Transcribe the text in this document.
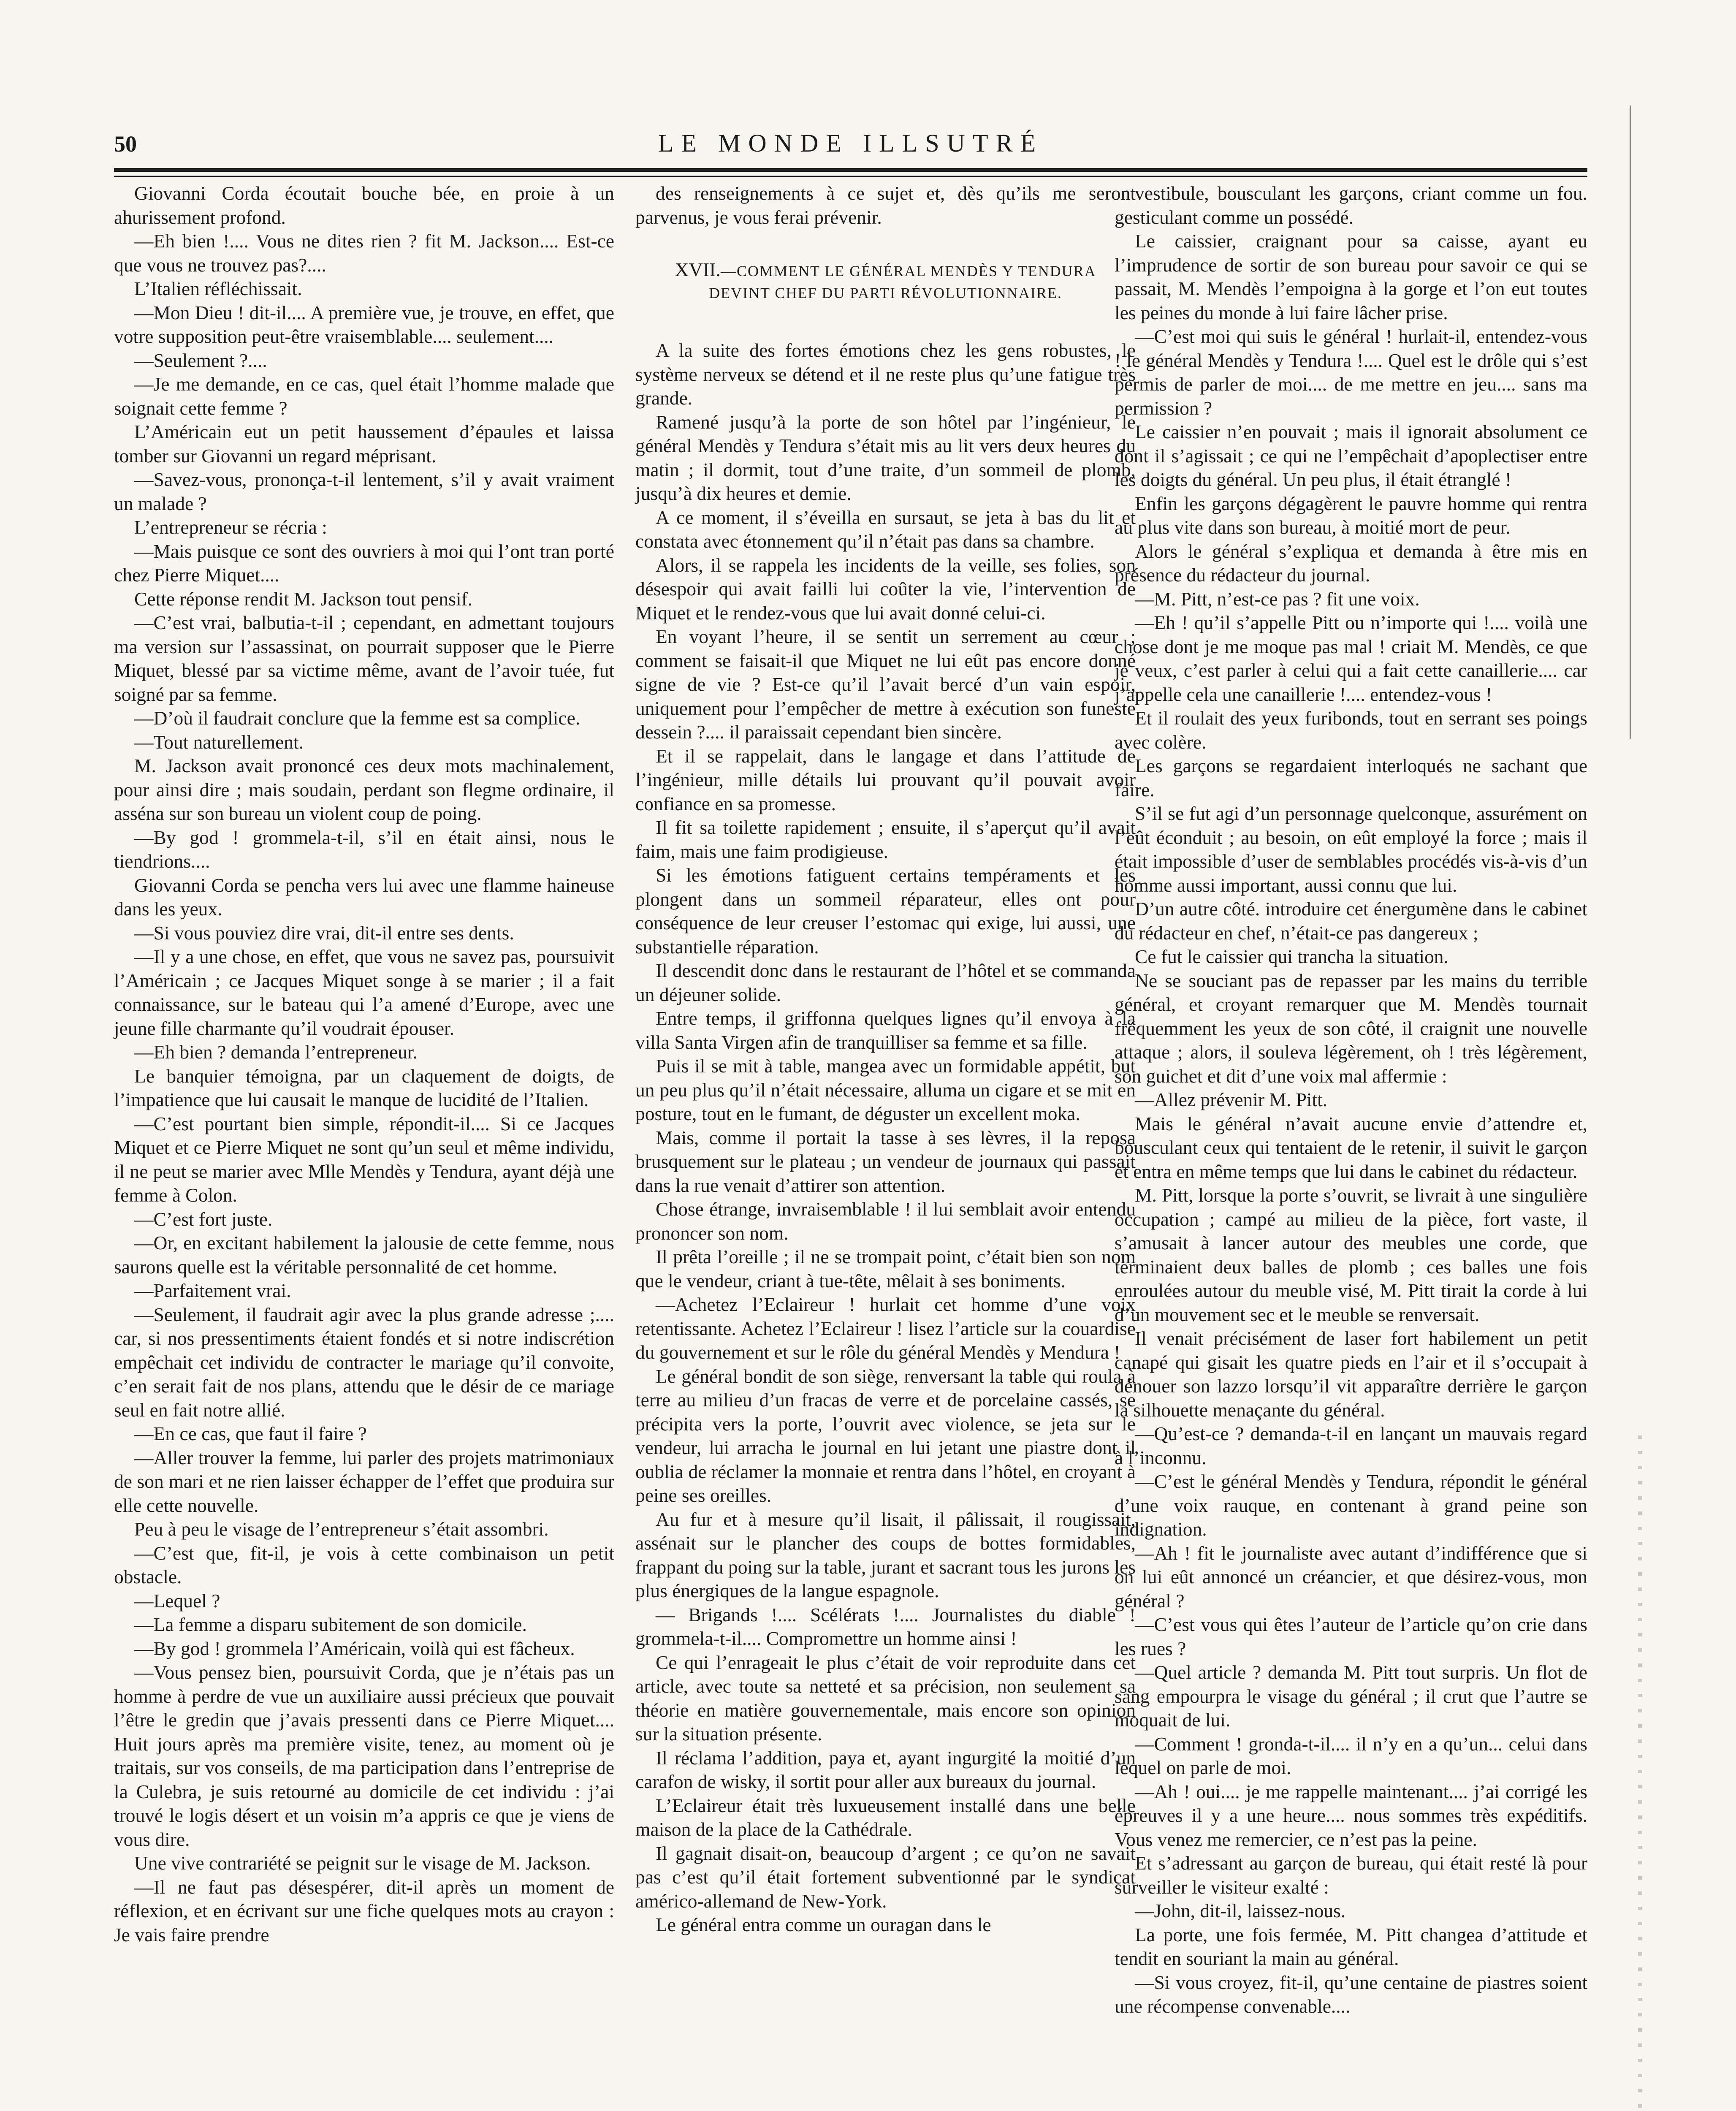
50	LE MONDE ILLSUTRÉ

Giovanni Corda écoutait bouche bée, en proie à un ahurissement profond.

—Eh bien !.... Vous ne dites rien ? fit M. Jackson.... Est-ce que vous ne trouvez pas?....

L’Italien réfléchissait.

—Mon Dieu ! dit-il.... A première vue, je trouve, en effet, que votre supposition peut-être vraisemblable.... seulement....

—Seulement ?....

—Je me demande, en ce cas, quel était l’homme malade que soignait cette femme ?

L’Américain eut un petit haussement d’épaules et laissa tomber sur Giovanni un regard méprisant.

—Savez-vous, prononça-t-il lentement, s’il y avait vraiment un malade ?

L’entrepreneur se récria :

—Mais puisque ce sont des ouvriers à moi qui l’ont tran porté chez Pierre Miquet....

Cette réponse rendit M. Jackson tout pensif.

—C’est vrai, balbutia-t-il ; cependant, en admettant toujours ma version sur l’assassinat, on pourrait supposer que le Pierre Miquet, blessé par sa victime même, avant de l’avoir tuée, fut soigné par sa femme.

—D’où il faudrait conclure que la femme est sa complice.

—Tout naturellement.

M. Jackson avait prononcé ces deux mots machinalement, pour ainsi dire ; mais soudain, perdant son flegme ordinaire, il asséna sur son bureau un violent coup de poing.

—By god ! grommela-t-il, s’il en était ainsi, nous le tiendrions....

Giovanni Corda se pencha vers lui avec une flamme haineuse dans les yeux.

—Si vous pouviez dire vrai, dit-il entre ses dents.

—Il y a une chose, en effet, que vous ne savez pas, poursuivit l’Américain ; ce Jacques Miquet songe à se marier ; il a fait connaissance, sur le bateau qui l’a amené d’Europe, avec une jeune fille charmante qu’il voudrait épouser.

—Eh bien ? demanda l’entrepreneur.

Le banquier témoigna, par un claquement de doigts, de l’impatience que lui causait le manque de lucidité de l’Italien.

—C’est pourtant bien simple, répondit-il.... Si ce Jacques Miquet et ce Pierre Miquet ne sont qu’un seul et même individu, il ne peut se marier avec Mlle Mendès y Tendura, ayant déjà une femme à Colon.

—C’est fort juste.

—Or, en excitant habilement la jalousie de cette femme, nous saurons quelle est la véritable personnalité de cet homme.

—Parfaitement vrai.

—Seulement, il faudrait agir avec la plus grande adresse ;.... car, si nos pressentiments étaient fondés et si notre indiscrétion empêchait cet individu de contracter le mariage qu’il convoite, c’en serait fait de nos plans, attendu que le désir de ce mariage seul en fait notre allié.

—En ce cas, que faut il faire ?

—Aller trouver la femme, lui parler des projets matrimoniaux de son mari et ne rien laisser échapper de l’effet que produira sur elle cette nouvelle.

Peu à peu le visage de l’entrepreneur s’était assombri.

—C’est que, fit-il, je vois à cette combinaison un petit obstacle.

—Lequel ?

—La femme a disparu subitement de son domicile.

—By god ! grommela l’Américain, voilà qui est fâcheux.

—Vous pensez bien, poursuivit Corda, que je n’étais pas un homme à perdre de vue un auxiliaire aussi précieux que pouvait l’être le gredin que j’avais pressenti dans ce Pierre Miquet.... Huit jours après ma première visite, tenez, au moment où je traitais, sur vos conseils, de ma participation dans l’entreprise de la Culebra, je suis retourné au domicile de cet individu : j’ai trouvé le logis désert et un voisin m’a appris ce que je viens de vous dire.

Une vive contrariété se peignit sur le visage de M. Jackson.

—Il ne faut pas désespérer, dit-il après un moment de réflexion, et en écrivant sur une fiche quelques mots au crayon : Je vais faire prendre

des renseignements à ce sujet et, dès qu’ils me seront parvenus, je vous ferai prévenir.

XVII.—COMMENT LE GÉNÉRAL MENDÈS Y TENDURA
DEVINT CHEF DU PARTI RÉVOLUTIONNAIRE.

A la suite des fortes émotions chez les gens robustes, le système nerveux se détend et il ne reste plus qu’une fatigue très grande.

Ramené jusqu’à la porte de son hôtel par l’ingénieur, le général Mendès y Tendura s’était mis au lit vers deux heures du matin ; il dormit, tout d’une traite, d’un sommeil de plomb, jusqu’à dix heures et demie.

A ce moment, il s’éveilla en sursaut, se jeta à bas du lit et constata avec étonnement qu’il n’était pas dans sa chambre.

Alors, il se rappela les incidents de la veille, ses folies, son désespoir qui avait failli lui coûter la vie, l’intervention de Miquet et le rendez-vous que lui avait donné celui-ci.

En voyant l’heure, il se sentit un serrement au cœur ; comment se faisait-il que Miquet ne lui eût pas encore donné signe de vie ? Est-ce qu’il l’avait bercé d’un vain espoir, uniquement pour l’empêcher de mettre à exécution son funeste dessein ?.... il paraissait cependant bien sincère.

Et il se rappelait, dans le langage et dans l’attitude de l’ingénieur, mille détails lui prouvant qu’il pouvait avoir confiance en sa promesse.

Il fit sa toilette rapidement ; ensuite, il s’aperçut qu’il avait faim, mais une faim prodigieuse.

Si les émotions fatiguent certains tempéraments et les plongent dans un sommeil réparateur, elles ont pour conséquence de leur creuser l’estomac qui exige, lui aussi, une substantielle réparation.

Il descendit donc dans le restaurant de l’hôtel et se commanda un déjeuner solide.

Entre temps, il griffonna quelques lignes qu’il envoya à la villa Santa Virgen afin de tranquilliser sa femme et sa fille.

Puis il se mit à table, mangea avec un formidable appétit, but un peu plus qu’il n’était nécessaire, alluma un cigare et se mit en posture, tout en le fumant, de déguster un excellent moka.

Mais, comme il portait la tasse à ses lèvres, il la reposa brusquement sur le plateau ; un vendeur de journaux qui passait dans la rue venait d’attirer son attention.

Chose étrange, invraisemblable ! il lui semblait avoir entendu prononcer son nom.

Il prêta l’oreille ; il ne se trompait point, c’était bien son nom que le vendeur, criant à tue-tête, mêlait à ses boniments.

—Achetez l’Eclaireur ! hurlait cet homme d’une voix retentissante. Achetez l’Eclaireur ! lisez l’article sur la couardise du gouvernement et sur le rôle du général Mendès y Mendura !

Le général bondit de son siège, renversant la table qui roula à terre au milieu d’un fracas de verre et de porcelaine cassés, se précipita vers la porte, l’ouvrit avec violence, se jeta sur le vendeur, lui arracha le journal en lui jetant une piastre dont il oublia de réclamer la monnaie et rentra dans l’hôtel, en croyant à peine ses oreilles.

Au fur et à mesure qu’il lisait, il pâlissait, il rougissait, assénait sur le plancher des coups de bottes formidables, frappant du poing sur la table, jurant et sacrant tous les jurons les plus énergiques de la langue espagnole.

— Brigands !.... Scélérats !.... Journalistes du diable ! grommela-t-il.... Compromettre un homme ainsi !

Ce qui l’enrageait le plus c’était de voir reproduite dans cet article, avec toute sa netteté et sa précision, non seulement sa théorie en matière gouvernementale, mais encore son opinion sur la situation présente.

Il réclama l’addition, paya et, ayant ingurgité la moitié d’un carafon de wisky, il sortit pour aller aux bureaux du journal.

L’Eclaireur était très luxueusement installé dans une belle maison de la place de la Cathédrale.

Il gagnait disait-on, beaucoup d’argent ; ce qu’on ne savait pas c’est qu’il était fortement subventionné par le syndicat américo-allemand de New-York.

Le général entra comme un ouragan dans le

vestibule, bousculant les garçons, criant comme un fou. gesticulant comme un possédé.

Le caissier, craignant pour sa caisse, ayant eu l’imprudence de sortir de son bureau pour savoir ce qui se passait, M. Mendès l’empoigna à la gorge et l’on eut toutes les peines du monde à lui faire lâcher prise.

—C’est moi qui suis le général ! hurlait-il, entendez-vous ! le général Mendès y Tendura !.... Quel est le drôle qui s’est permis de parler de moi.... de me mettre en jeu.... sans ma permission ?

Le caissier n’en pouvait ; mais il ignorait absolument ce dont il s’agissait ; ce qui ne l’empêchait d’apoplectiser entre les doigts du général. Un peu plus, il était étranglé !

Enfin les garçons dégagèrent le pauvre homme qui rentra au plus vite dans son bureau, à moitié mort de peur.

Alors le général s’expliqua et demanda à être mis en présence du rédacteur du journal.

—M. Pitt, n’est-ce pas ? fit une voix.

—Eh ! qu’il s’appelle Pitt ou n’importe qui !.... voilà une chose dont je me moque pas mal ! criait M. Mendès, ce que je veux, c’est parler à celui qui a fait cette canaillerie.... car j’appelle cela une canaillerie !.... entendez-vous !

Et il roulait des yeux furibonds, tout en serrant ses poings avec colère.

Les garçons se regardaient interloqués ne sachant que faire.

S’il se fut agi d’un personnage quelconque, assurément on l’eût éconduit ; au besoin, on eût employé la force ; mais il était impossible d’user de semblables procédés vis-à-vis d’un homme aussi important, aussi connu que lui.

D’un autre côté. introduire cet énergumène dans le cabinet du rédacteur en chef, n’était-ce pas dangereux ;

Ce fut le caissier qui trancha la situation.

Ne se souciant pas de repasser par les mains du terrible général, et croyant remarquer que M. Mendès tournait fréquemment les yeux de son côté, il craignit une nouvelle attaque ; alors, il souleva légèrement, oh ! très légèrement, son guichet et dit d’une voix mal affermie :

—Allez prévenir M. Pitt.

Mais le général n’avait aucune envie d’attendre et, bousculant ceux qui tentaient de le retenir, il suivit le garçon et entra en même temps que lui dans le cabinet du rédacteur.

M. Pitt, lorsque la porte s’ouvrit, se livrait à une singulière occupation ; campé au milieu de la pièce, fort vaste, il s’amusait à lancer autour des meubles une corde, que terminaient deux balles de plomb ; ces balles une fois enroulées autour du meuble visé, M. Pitt tirait la corde à lui d’un mouvement sec et le meuble se renversait.

Il venait précisément de laser fort habilement un petit canapé qui gisait les quatre pieds en l’air et il s’occupait à dénouer son lazzo lorsqu’il vit apparaître derrière le garçon la silhouette menaçante du général.

—Qu’est-ce ? demanda-t-il en lançant un mauvais regard à l’inconnu.

—C’est le général Mendès y Tendura, répondit le général d’une voix rauque, en contenant à grand peine son indignation.

—Ah ! fit le journaliste avec autant d’indifférence que si on lui eût annoncé un créancier, et que désirez-vous, mon général ?

—C’est vous qui êtes l’auteur de l’article qu’on crie dans les rues ?

—Quel article ? demanda M. Pitt tout surpris. Un flot de sang empourpra le visage du général ; il crut que l’autre se moquait de lui.

—Comment ! gronda-t-il.... il n’y en a qu’un... celui dans lequel on parle de moi.

—Ah ! oui.... je me rappelle maintenant.... j’ai corrigé les épreuves il y a une heure.... nous sommes très expéditifs. Vous venez me remercier, ce n’est pas la peine.

Et s’adressant au garçon de bureau, qui était resté là pour surveiller le visiteur exalté :

—John, dit-il, laissez-nous.

La porte, une fois fermée, M. Pitt changea d’attitude et tendit en souriant la main au général.

—Si vous croyez, fit-il, qu’une centaine de piastres soient une récompense convenable....
